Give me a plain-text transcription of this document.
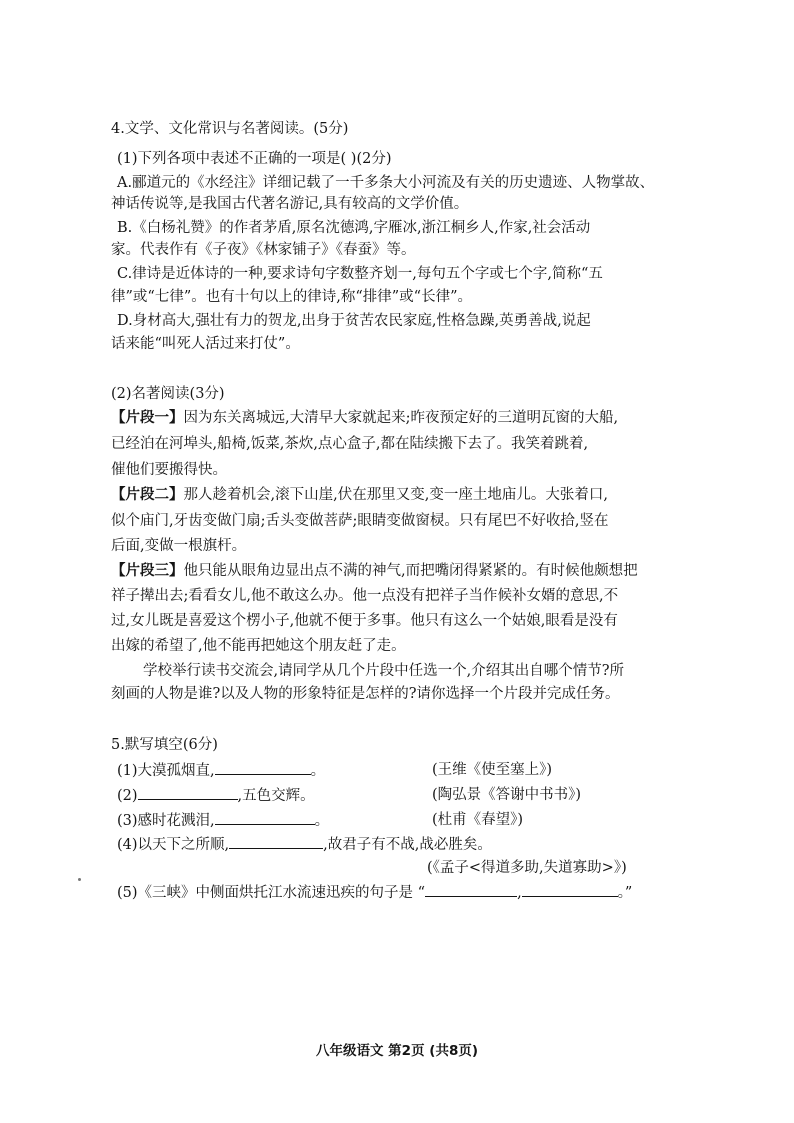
4.文学、文化常识与名著阅读。(5分)
(1)下列各项中表述不正确的一项是( )(2分)
A.郦道元的《水经注》详细记载了一千多条大小河流及有关的历史遗迹、人物掌故、
神话传说等,是我国古代著名游记,具有较高的文学价值。
B.《白杨礼赞》的作者茅盾,原名沈德鸿,字雁冰,浙江桐乡人,作家,社会活动
家。代表作有《子夜》《林家铺子》《春蚕》等。
C.律诗是近体诗的一种,要求诗句字数整齐划一,每句五个字或七个字,简称“五
律”或“七律”。也有十句以上的律诗,称“排律”或“长律”。
D.身材高大,强壮有力的贺龙,出身于贫苦农民家庭,性格急躁,英勇善战,说起
话来能“叫死人活过来打仗”。
(2)名著阅读(3分)
【片段一】因为东关离城远,大清早大家就起来;昨夜预定好的三道明瓦窗的大船,
已经泊在河埠头,船椅,饭菜,茶炊,点心盒子,都在陆续搬下去了。我笑着跳着,
催他们要搬得快。
【片段二】那人趁着机会,滚下山崖,伏在那里又变,变一座土地庙儿。大张着口,
似个庙门,牙齿变做门扇;舌头变做菩萨;眼睛变做窗棂。只有尾巴不好收拾,竖在
后面,变做一根旗杆。
【片段三】他只能从眼角边显出点不满的神气,而把嘴闭得紧紧的。有时候他颇想把
祥子撵出去;看看女儿,他不敢这么办。他一点没有把祥子当作候补女婿的意思,不
过,女儿既是喜爱这个楞小子,他就不便于多事。他只有这么一个姑娘,眼看是没有
出嫁的希望了,他不能再把她这个朋友赶了走。
学校举行读书交流会,请同学从几个片段中任选一个,介绍其出自哪个情节?所
刻画的人物是谁?以及人物的形象特征是怎样的?请你选择一个片段并完成任务。
5.默写填空(6分)
(1)大漠孤烟直,	。	(王维《使至塞上》)
(2)	,五色交辉。	(陶弘景《答谢中书书》)
(3)感时花溅泪,	。	(杜甫《春望》)
(4)以天下之所顺,	,故君子有不战,战必胜矣。
(《孟子<得道多助,失道寡助>》)
(5)《三峡》中侧面烘托江水流速迅疾的句子是 “	,	。”
八年级语文 第2页 (共8页)
